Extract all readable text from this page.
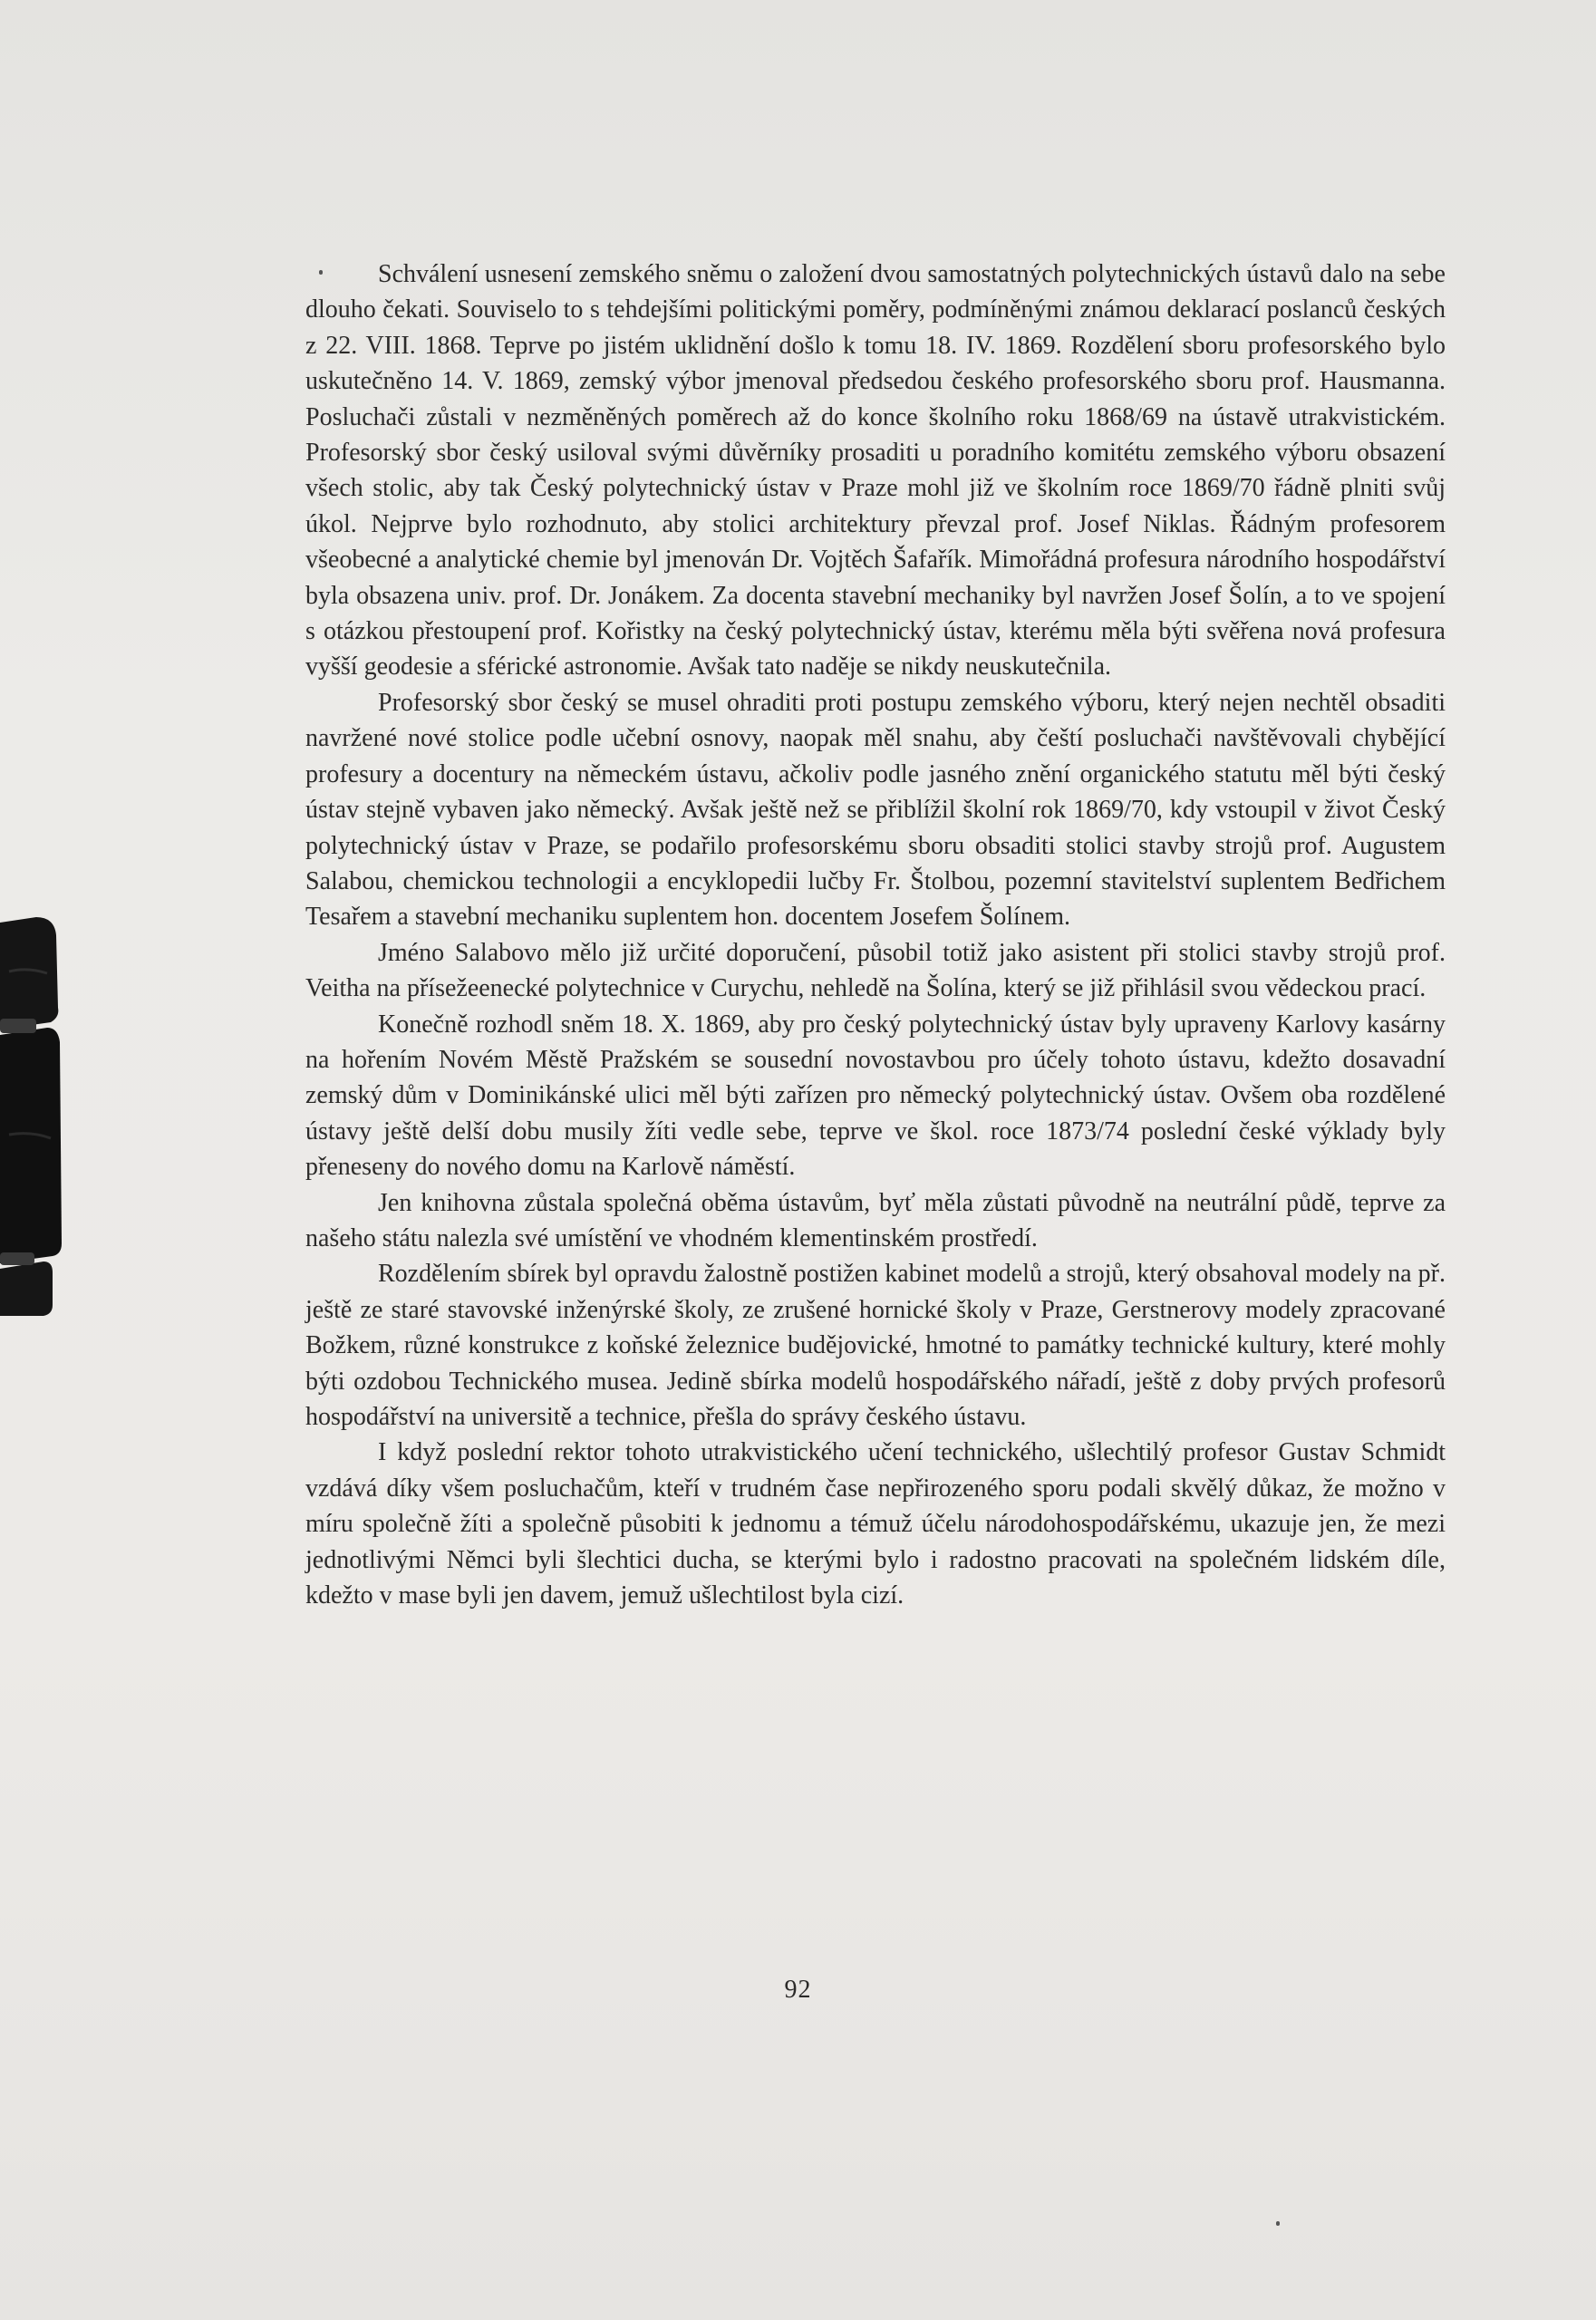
Schválení usnesení zemského sněmu o založení dvou samostatných polytechnických ústavů dalo na sebe dlouho čekati. Souviselo to s tehdejšími politickými poměry, podmíněnými známou deklarací poslanců českých z 22. VIII. 1868. Teprve po jistém uklidnění došlo k tomu 18. IV. 1869. Rozdělení sboru profesorského bylo uskutečněno 14. V. 1869, zemský výbor jmenoval předsedou českého profesorského sboru prof. Hausmanna. Posluchači zůstali v nezměněných poměrech až do konce školního roku 1868/69 na ústavě utrakvistickém. Profesorský sbor český usiloval svými důvěrníky prosaditi u poradního komitétu zemského výboru obsazení všech stolic, aby tak Český polytechnický ústav v Praze mohl již ve školním roce 1869/70 řádně plniti svůj úkol. Nejprve bylo rozhodnuto, aby stolici architektury převzal prof. Josef Niklas. Řádným profesorem všeobecné a analytické chemie byl jmenován Dr. Vojtěch Šafařík. Mimořádná profesura národního hospodářství byla obsazena univ. prof. Dr. Jonákem. Za docenta stavební mechaniky byl navržen Josef Šolín, a to ve spojení s otázkou přestoupení prof. Kořistky na český polytechnický ústav, kterému měla býti svěřena nová profesura vyšší geodesie a sférické astronomie. Avšak tato naděje se nikdy neuskutečnila.

Profesorský sbor český se musel ohraditi proti postupu zemského výboru, který nejen nechtěl obsaditi navržené nové stolice podle učební osnovy, naopak měl snahu, aby čeští posluchači navštěvovali chybějící profesury a docentury na německém ústavu, ačkoliv podle jasného znění organického statutu měl býti český ústav stejně vybaven jako německý. Avšak ještě než se přiblížil školní rok 1869/70, kdy vstoupil v život Český polytechnický ústav v Praze, se podařilo profesorskému sboru obsaditi stolici stavby strojů prof. Augustem Salabou, chemickou technologii a encyklopedii lučby Fr. Štolbou, pozemní stavitelství suplentem Bedřichem Tesařem a stavební mechaniku suplentem hon. docentem Josefem Šolínem.

Jméno Salabovo mělo již určité doporučení, působil totiž jako asistent při stolici stavby strojů prof. Veitha na přísežeenecké polytechnice v Curychu, nehledě na Šolína, který se již přihlásil svou vědeckou prací.

Konečně rozhodl sněm 18. X. 1869, aby pro český polytechnický ústav byly upraveny Karlovy kasárny na hořením Novém Městě Pražském se sousední novostavbou pro účely tohoto ústavu, kdežto dosavadní zemský dům v Dominikánské ulici měl býti zařízen pro německý polytechnický ústav. Ovšem oba rozdělené ústavy ještě delší dobu musily žíti vedle sebe, teprve ve škol. roce 1873/74 poslední české výklady byly přeneseny do nového domu na Karlově náměstí.

Jen knihovna zůstala společná oběma ústavům, byť měla zůstati původně na neutrální půdě, teprve za našeho státu nalezla své umístění ve vhodném klementinském prostředí.

Rozdělením sbírek byl opravdu žalostně postižen kabinet modelů a strojů, který obsahoval modely na př. ještě ze staré stavovské inženýrské školy, ze zrušené hornické školy v Praze, Gerstnerovy modely zpracované Božkem, různé konstrukce z koňské železnice budějovické, hmotné to památky technické kultury, které mohly býti ozdobou Technického musea. Jedině sbírka modelů hospodářského nářadí, ještě z doby prvých profesorů hospodářství na universitě a technice, přešla do správy českého ústavu.

I když poslední rektor tohoto utrakvistického učení technického, ušlechtilý profesor Gustav Schmidt vzdává díky všem posluchačům, kteří v trudném čase nepřirozeného sporu podali skvělý důkaz, že možno v míru společně žíti a společně působiti k jednomu a témuž účelu národohospodářskému, ukazuje jen, že mezi jednotlivými Němci byli šlechtici ducha, se kterými bylo i radostno pracovati na společném lidském díle, kdežto v mase byli jen davem, jemuž ušlechtilost byla cizí.

92
